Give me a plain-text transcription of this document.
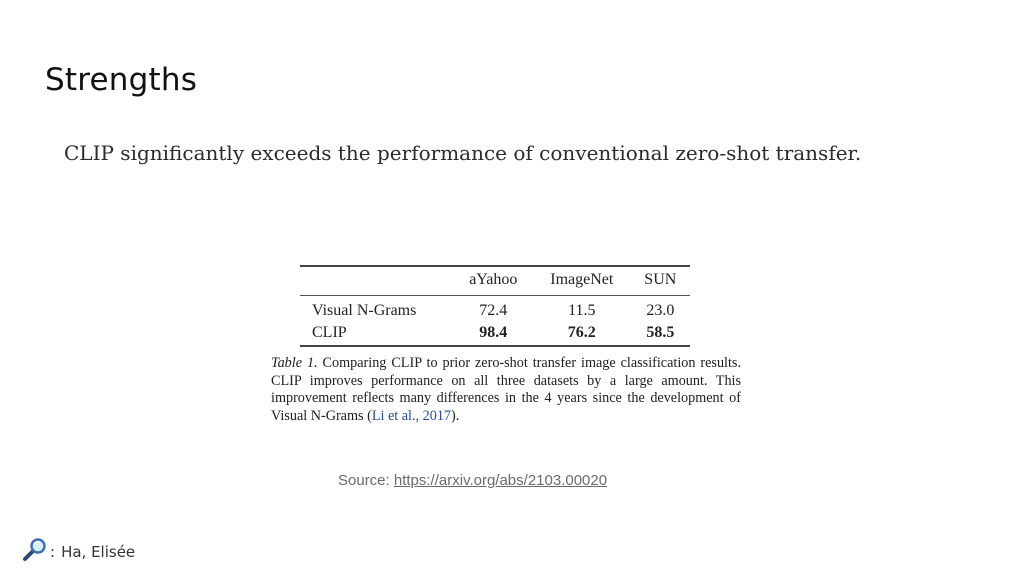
Strengths
CLIP significantly exceeds the performance of conventional zero-shot transfer.
	aYahoo	ImageNet	SUN
Visual N-Grams	72.4	11.5	23.0
CLIP	98.4	76.2	58.5
Table 1. Comparing CLIP to prior zero-shot transfer image classification results. CLIP improves performance on all three datasets by a large amount. This improvement reflects many differences in the 4 years since the development of Visual N-Grams (Li et al., 2017).
Source: https://arxiv.org/abs/2103.00020
: Ha, Elisée
